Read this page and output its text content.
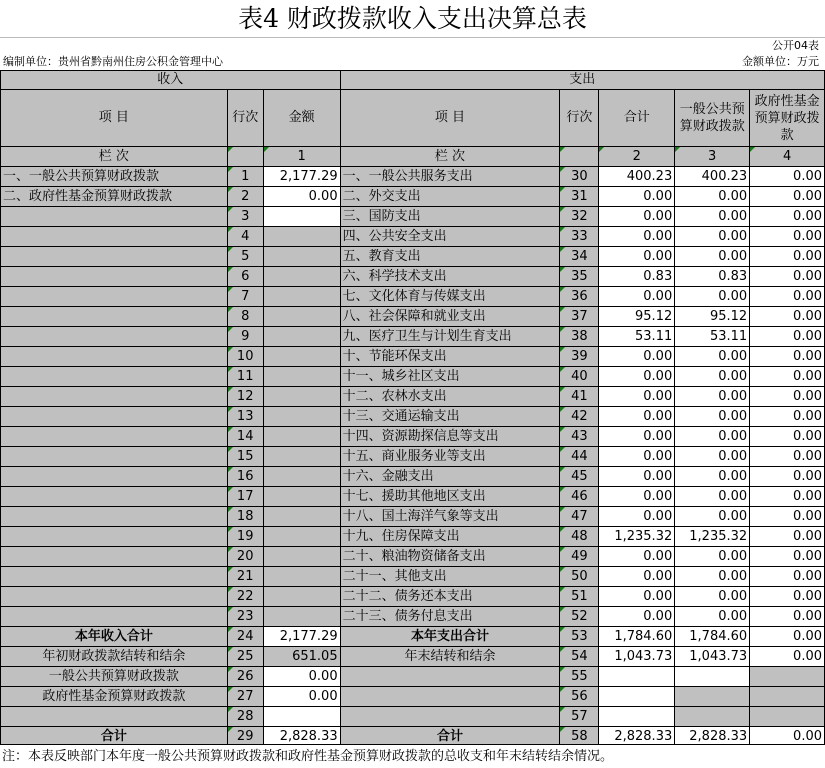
表4 财政拨款收入支出决算总表
公开04表
编制单位：贵州省黔南州住房公积金管理中心	金额单位：万元
收入			支出				
项 目	行次	金额	项 目	行次	合计	一般公共预算财政拨款	政府性基金预算财政拨款
栏 次		1	栏 次		2	3	4
一、一般公共预算财政拨款	1	2,177.29	一、一般公共服务支出	30	400.23	400.23	0.00
二、政府性基金预算财政拨款	2	0.00	二、外交支出	31	0.00	0.00	0.00
	3		三、国防支出	32	0.00	0.00	0.00
	4		四、公共安全支出	33	0.00	0.00	0.00
	5		五、教育支出	34	0.00	0.00	0.00
	6		六、科学技术支出	35	0.83	0.83	0.00
	7		七、文化体育与传媒支出	36	0.00	0.00	0.00
	8		八、社会保障和就业支出	37	95.12	95.12	0.00
	9		九、医疗卫生与计划生育支出	38	53.11	53.11	0.00
	10		十、节能环保支出	39	0.00	0.00	0.00
	11		十一、城乡社区支出	40	0.00	0.00	0.00
	12		十二、农林水支出	41	0.00	0.00	0.00
	13		十三、交通运输支出	42	0.00	0.00	0.00
	14		十四、资源勘探信息等支出	43	0.00	0.00	0.00
	15		十五、商业服务业等支出	44	0.00	0.00	0.00
	16		十六、金融支出	45	0.00	0.00	0.00
	17		十七、援助其他地区支出	46	0.00	0.00	0.00
	18		十八、国土海洋气象等支出	47	0.00	0.00	0.00
	19		十九、住房保障支出	48	1,235.32	1,235.32	0.00
	20		二十、粮油物资储备支出	49	0.00	0.00	0.00
	21		二十一、其他支出	50	0.00	0.00	0.00
	22		二十二、债务还本支出	51	0.00	0.00	0.00
	23		二十三、债务付息支出	52	0.00	0.00	0.00
本年收入合计	24	2,177.29	本年支出合计	53	1,784.60	1,784.60	0.00
年初财政拨款结转和结余	25	651.05	年末结转和结余	54	1,043.73	1,043.73	0.00
一般公共预算财政拨款	26	0.00		55			
政府性基金预算财政拨款	27	0.00		56			
	28			57			
合计	29	2,828.33	合计	58	2,828.33	2,828.33	0.00
注：本表反映部门本年度一般公共预算财政拨款和政府性基金预算财政拨款的总收支和年末结转结余情况。
